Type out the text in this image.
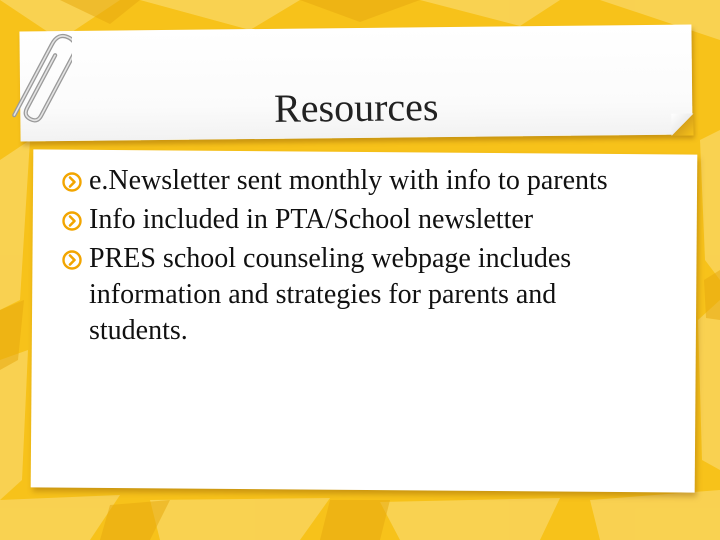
Resources
e.Newsletter sent monthly with info to parents
Info included in PTA/School newsletter
PRES school counseling webpage includes information and strategies for parents and students.
